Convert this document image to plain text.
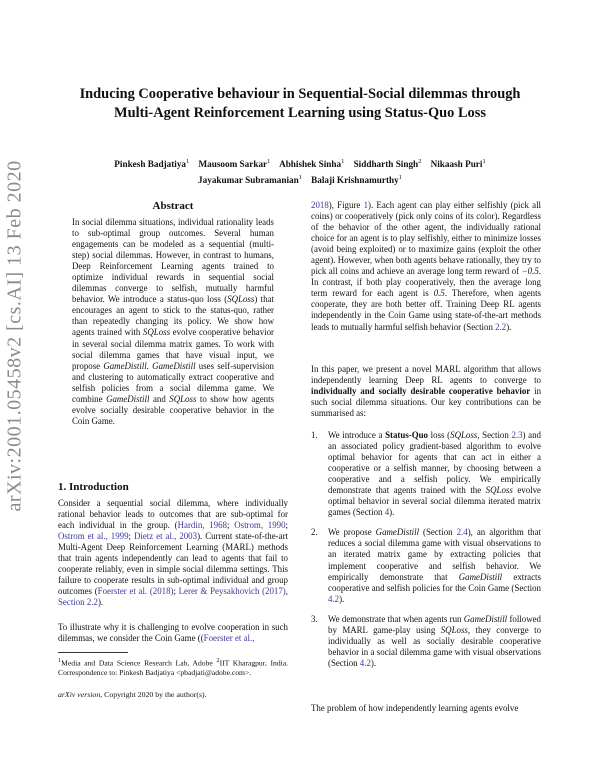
arXiv:2001.05458v2 [cs.AI] 13 Feb 2020
Inducing Cooperative behaviour in Sequential-Social dilemmas through
Multi-Agent Reinforcement Learning using Status-Quo Loss
Pinkesh Badjatiya$^1$ Mausoom Sarkar$^1$ Abhishek Sinha$^1$ Siddharth Singh$^2$ Nikaash Puri$^1$
Jayakumar Subramanian$^1$ Balaji Krishnamurthy$^1$
Abstract
In social dilemma situations, individual rationality leads to sub-optimal group outcomes. Several human engagements can be modeled as a sequential (multi-step) social dilemmas. However, in contrast to humans, Deep Reinforcement Learning agents trained to optimize individual rewards in sequential social dilemmas converge to selfish, mutually harmful behavior. We introduce a status-quo loss (SQLoss) that encourages an agent to stick to the status-quo, rather than repeatedly changing its policy. We show how agents trained with SQLoss evolve cooperative behavior in several social dilemma matrix games. To work with social dilemma games that have visual input, we propose GameDistill. GameDistill uses self-supervision and clustering to automatically extract cooperative and selfish policies from a social dilemma game. We combine GameDistill and SQLoss to show how agents evolve socially desirable cooperative behavior in the Coin Game.
1. Introduction
Consider a sequential social dilemma, where individually rational behavior leads to outcomes that are sub-optimal for each individual in the group. (Hardin, 1968; Ostrom, 1990; Ostrom et al., 1999; Dietz et al., 2003). Current state-of-the-art Multi-Agent Deep Reinforcement Learning (MARL) methods that train agents independently can lead to agents that fail to cooperate reliably, even in simple social dilemma settings. This failure to cooperate results in sub-optimal individual and group outcomes (Foerster et al. (2018); Lerer & Peysakhovich (2017), Section 2.2).
To illustrate why it is challenging to evolve cooperation in such dilemmas, we consider the Coin Game ((Foerster et al.,
$^1$Media and Data Science Research Lab, Adobe $^2$IIT Kharagpur, India. Correspondence to: Pinkesh Badjatiya <pbadjati@adobe.com>.
arXiv version, Copyright 2020 by the author(s).
2018), Figure 1). Each agent can play either selfishly (pick all coins) or cooperatively (pick only coins of its color). Regardless of the behavior of the other agent, the individually rational choice for an agent is to play selfishly, either to minimize losses (avoid being exploited) or to maximize gains (exploit the other agent). However, when both agents behave rationally, they try to pick all coins and achieve an average long term reward of −0.5. In contrast, if both play cooperatively, then the average long term reward for each agent is 0.5. Therefore, when agents cooperate, they are both better off. Training Deep RL agents independently in the Coin Game using state-of-the-art methods leads to mutually harmful selfish behavior (Section 2.2).
In this paper, we present a novel MARL algorithm that allows independently learning Deep RL agents to converge to individually and socially desirable cooperative behavior in such social dilemma situations. Our key contributions can be summarised as:
1. We introduce a Status-Quo loss (SQLoss, Section 2.3) and an associated policy gradient-based algorithm to evolve optimal behavior for agents that can act in either a cooperative or a selfish manner, by choosing between a cooperative and a selfish policy. We empirically demonstrate that agents trained with the SQLoss evolve optimal behavior in several social dilemma iterated matrix games (Section 4).
2. We propose GameDistill (Section 2.4), an algorithm that reduces a social dilemma game with visual observations to an iterated matrix game by extracting policies that implement cooperative and selfish behavior. We empirically demonstrate that GameDistill extracts cooperative and selfish policies for the Coin Game (Section 4.2).
3. We demonstrate that when agents run GameDistill followed by MARL game-play using SQLoss, they converge to individually as well as socially desirable cooperative behavior in a social dilemma game with visual observations (Section 4.2).
The problem of how independently learning agents evolve
